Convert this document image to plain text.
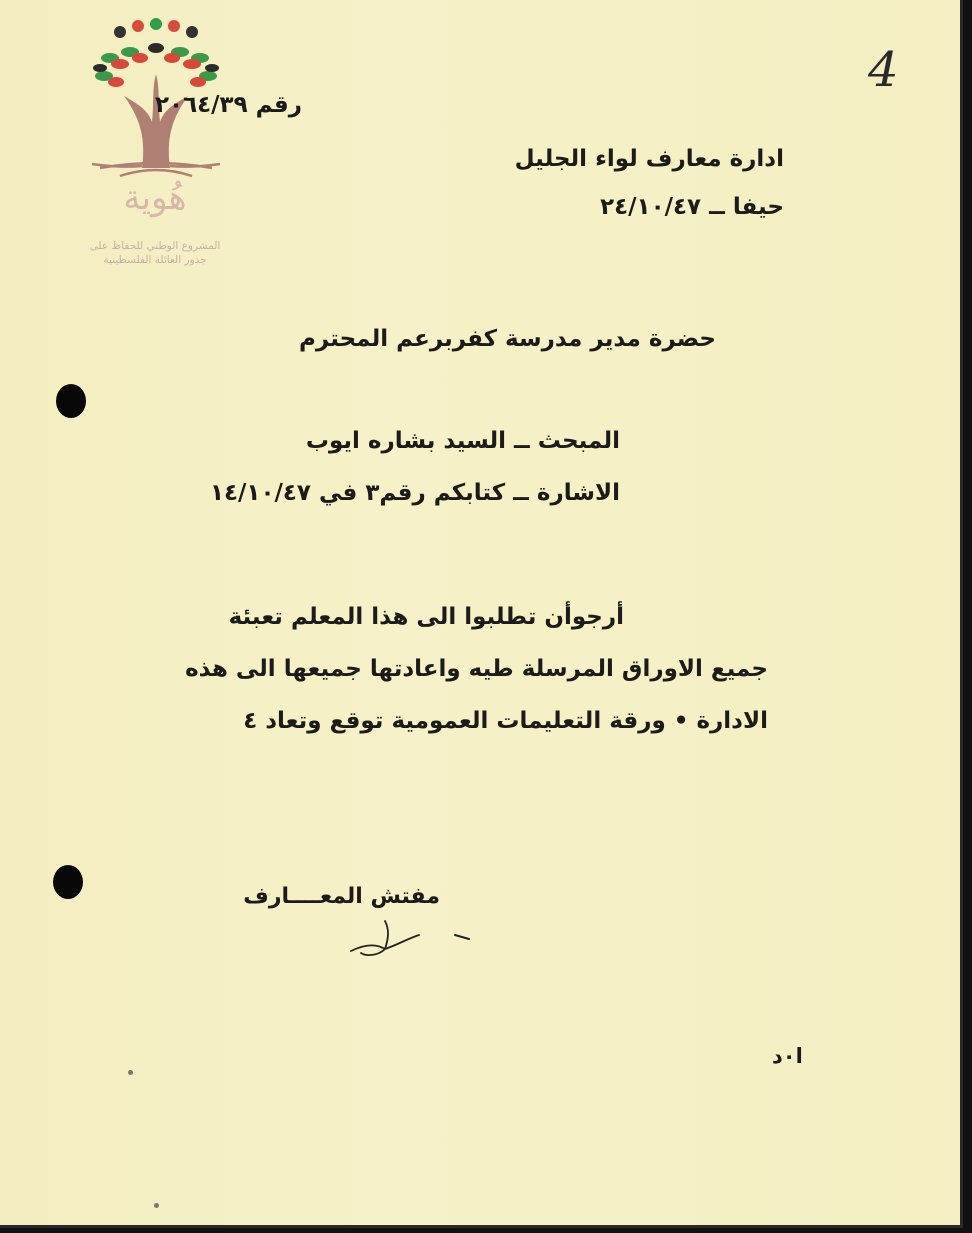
هُوية
المشروع الوطني للحفاظ على
جذور العائلة الفلسطينية
رقم ٢٠٦٤/٣٩
4
ادارة معارف لواء الجليل
حيفا ــ ٢٤/١٠/٤٧
حضرة مدير مدرسة كفربرعم المحترم
المبحث ــ السيد بشاره ايوب
الاشارة ــ كتابكم رقم٣ في ١٤/١٠/٤٧
أرجوأن تطلبوا الى هذا المعلم تعبئة
جميع الاوراق المرسلة طيه واعادتها جميعها الى هذه
الادارة • ورقة التعليمات العمومية توقع وتعاد ٤
مفتش المعــــارف
ا٠د
